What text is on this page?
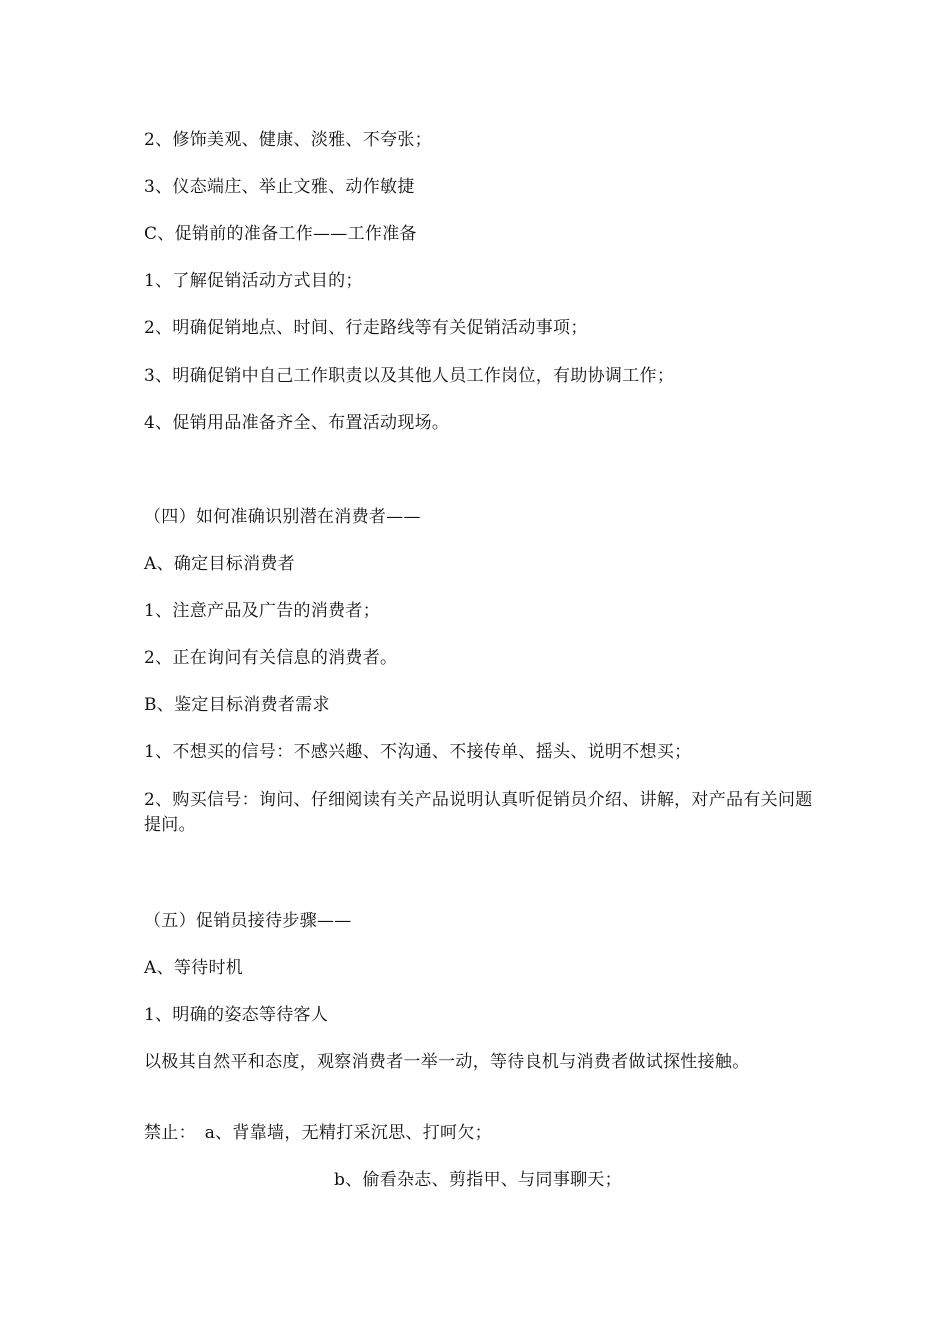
2、修饰美观、健康、淡雅、不夸张；
3、仪态端庄、举止文雅、动作敏捷
C、促销前的准备工作——工作准备
1、了解促销活动方式目的；
2、明确促销地点、时间、行走路线等有关促销活动事项；
3、明确促销中自己工作职责以及其他人员工作岗位，有助协调工作；
4、促销用品准备齐全、布置活动现场。
（四）如何准确识别潜在消费者——
A、确定目标消费者
1、注意产品及广告的消费者；
2、正在询问有关信息的消费者。
B、鉴定目标消费者需求
1、不想买的信号：不感兴趣、不沟通、不接传单、摇头、说明不想买；
2、购买信号：询问、仔细阅读有关产品说明认真听促销员介绍、讲解，对产品有关问题提问。
（五）促销员接待步骤——
A、等待时机
1、明确的姿态等待客人
以极其自然平和态度，观察消费者一举一动，等待良机与消费者做试探性接触。
禁止：　a、背靠墙，无精打采沉思、打呵欠；
b、偷看杂志、剪指甲、与同事聊天；
